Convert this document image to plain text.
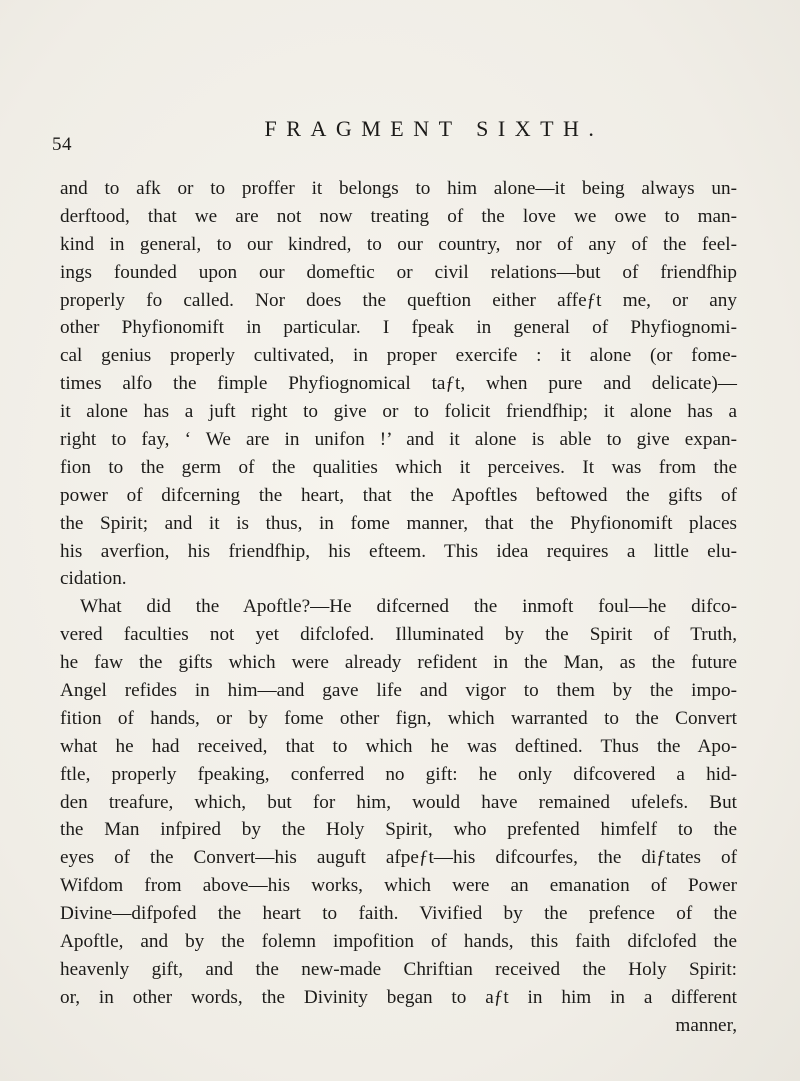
54
FRAGMENT SIXTH.
and to afk or to proffer it belongs to him alone—it being always un-
derftood, that we are not now treating of the love we owe to man-
kind in general, to our kindred, to our country, nor of any of the feel-
ings founded upon our domeftic or civil relations—but of friendfhip
properly fo called. Nor does the queftion either affeƒt me, or any
other Phyfionomift in particular. I fpeak in general of Phyfiognomi-
cal genius properly cultivated, in proper exercife : it alone (or fome-
times alfo the fimple Phyfiognomical taƒt, when pure and delicate)—
it alone has a juft right to give or to folicit friendfhip; it alone has a
right to fay, ‘ We are in unifon !’ and it alone is able to give expan-
fion to the germ of the qualities which it perceives. It was from the
power of difcerning the heart, that the Apoftles beftowed the gifts of
the Spirit; and it is thus, in fome manner, that the Phyfionomift places
his averfion, his friendfhip, his efteem. This idea requires a little elu-
cidation.
What did the Apoftle?—He difcerned the inmoft foul—he difco-
vered faculties not yet difclofed. Illuminated by the Spirit of Truth,
he faw the gifts which were already refident in the Man, as the future
Angel refides in him—and gave life and vigor to them by the impo-
fition of hands, or by fome other fign, which warranted to the Convert
what he had received, that to which he was deftined. Thus the Apo-
ftle, properly fpeaking, conferred no gift: he only difcovered a hid-
den treafure, which, but for him, would have remained ufelefs. But
the Man infpired by the Holy Spirit, who prefented himfelf to the
eyes of the Convert—his auguft afpeƒt—his difcourfes, the diƒtates of
Wifdom from above—his works, which were an emanation of Power
Divine—difpofed the heart to faith. Vivified by the prefence of the
Apoftle, and by the folemn impofition of hands, this faith difclofed the
heavenly gift, and the new-made Chriftian received the Holy Spirit:
or, in other words, the Divinity began to aƒt in him in a different
manner,
